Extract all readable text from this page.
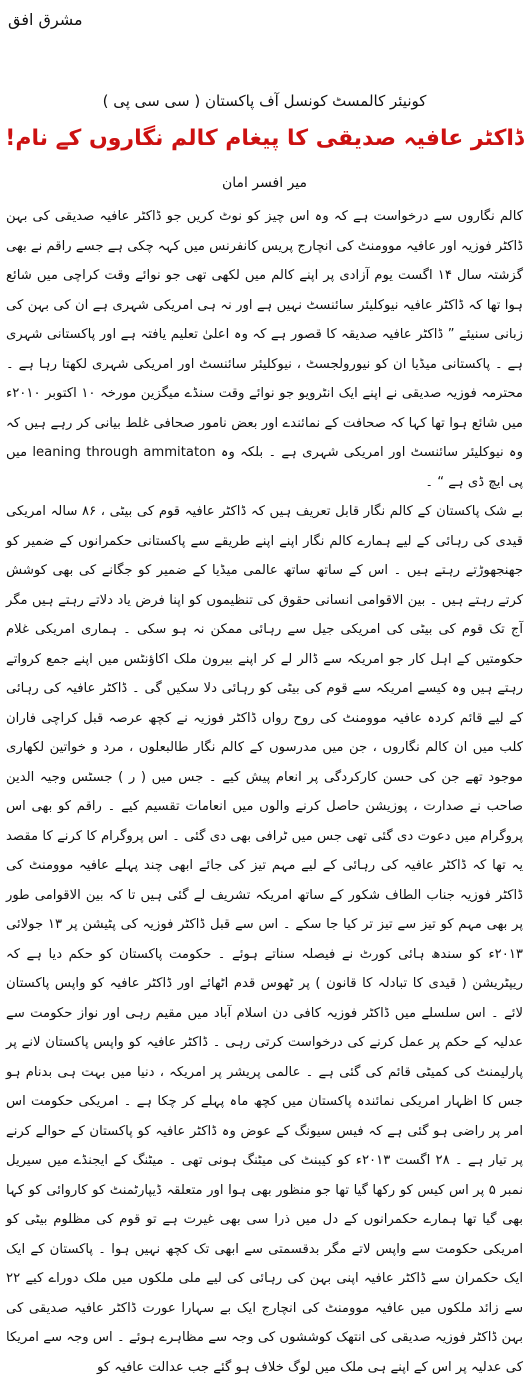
مشرق افق
کونیئر کالمسٹ کونسل آف پاکستان ( سی سی پی )
ڈاکٹر عافیہ صدیقی کا پیغام کالم نگاروں کے نام!
میر افسر امان

کالم نگاروں سے درخواست ہے کہ وہ اس چیز کو نوٹ کریں جو ڈاکٹر عافیہ صدیقی کی بہن ڈاکٹر فوزیہ اور عافیہ موومنٹ کی انچارج پریس کانفرنس میں کہہ چکی ہے جسے راقم نے بھی گزشتہ سال ۱۴ اگست یوم آزادی پر اپنے کالم میں لکھی تھی جو نوائے وقت کراچی میں شائع ہوا تھا کہ ڈاکٹر عافیہ نیوکلیئر سائنسٹ نہیں ہے اور نہ ہی امریکی شہری ہے ان کی بہن کی زبانی سنیئے ” ڈاکٹر عافیہ صدیقہ کا قصور ہے کہ وہ اعلیٰ تعلیم یافتہ ہے اور پاکستانی شہری ہے ۔ پاکستانی میڈیا ان کو نیورولجسٹ ، نیوکلیئر سائنسٹ اور امریکی شہری لکھتا رہا ہے ۔ محترمہ فوزیہ صدیقی نے اپنے ایک انٹرویو جو نوائے وقت سنڈے میگزین مورخہ ۱۰ اکتوبر ۲۰۱۰ء میں شائع ہوا تھا کہا کہ صحافت کے نمائندے اور بعض نامور صحافی غلط بیانی کر رہے ہیں کہ وہ نیوکلیئر سائنسٹ اور امریکی شہری ہے ۔ بلکہ وہ leaning through ammitaton میں پی ایچ ڈی ہے “ ۔

بے شک پاکستان کے کالم نگار قابل تعریف ہیں کہ ڈاکٹر عافیہ قوم کی بیٹی ، ۸۶ سالہ امریکی قیدی کی رہائی کے لیے ہمارے کالم نگار اپنے اپنے طریقے سے پاکستانی حکمرانوں کے ضمیر کو جھنجھوڑتے رہتے ہیں ۔ اس کے ساتھ ساتھ عالمی میڈیا کے ضمیر کو جگانے کی بھی کوشش کرتے رہتے ہیں ۔ بین الاقوامی انسانی حقوق کی تنظیموں کو اپنا فرض یاد دلاتے رہتے ہیں مگر آج تک قوم کی بیٹی کی امریکی جیل سے رہائی ممکن نہ ہو سکی ۔ ہماری امریکی غلام حکومتیں کے اہل کار جو امریکہ سے ڈالر لے کر اپنے بیرون ملک اکاؤنٹس میں اپنے جمع کرواتے رہتے ہیں وہ کیسے امریکہ سے قوم کی بیٹی کو رہائی دلا سکیں گی ۔ ڈاکٹر عافیہ کی رہائی کے لیے قائم کردہ عافیہ موومنٹ کی روح رواں ڈاکٹر فوزیہ نے کچھ عرصہ قبل کراچی فاران کلب میں ان کالم نگاروں ، جن میں مدرسوں کے کالم نگار طالبعلوں ، مرد و خواتین لکھاری موجود تھے جن کی حسن کارکردگی پر انعام پیش کیے ۔ جس میں ( ر ) جسٹس وجیہ الدین صاحب نے صدارت ، پوزیشن حاصل کرنے والوں میں انعامات تقسیم کیے ۔ راقم کو بھی اس پروگرام میں دعوت دی گئی تھی جس میں ٹرافی بھی دی گئی ۔ اس پروگرام کا کرنے کا مقصد یہ تھا کہ ڈاکٹر عافیہ کی رہائی کے لیے مہم تیز کی جائے ابھی چند پہلے عافیہ موومنٹ کی ڈاکٹر فوزیہ جناب الطاف شکور کے ساتھ امریکہ تشریف لے گئی ہیں تا کہ بین الاقوامی طور پر بھی مہم کو تیز سے تیز تر کیا جا سکے ۔ اس سے قبل ڈاکٹر فوزیہ کی پٹیشن پر ۱۳ جولائی ۲۰۱۳ء کو سندھ ہائی کورٹ نے فیصلہ سناتے ہوئے ۔ حکومت پاکستان کو حکم دیا ہے کہ ریپٹریشن ( قیدی کا تبادلہ کا قانون ) پر ٹھوس قدم اٹھائے اور ڈاکٹر عافیہ کو واپس پاکستان لائے ۔ اس سلسلے میں ڈاکٹر فوزیہ کافی دن اسلام آباد میں مقیم رہی اور نواز حکومت سے عدلیہ کے حکم پر عمل کرنے کی درخواست کرتی رہی ۔ ڈاکٹر عافیہ کو واپس پاکستان لانے پر پارلیمنٹ کی کمیٹی قائم کی گئی ہے ۔ عالمی پریشر پر امریکہ ، دنیا میں بہت ہی بدنام ہو جس کا اظہار امریکی نمائندہ پاکستان میں کچھ ماہ پہلے کر چکا ہے ۔ امریکی حکومت اس امر پر راضی ہو گئی ہے کہ فیس سیونگ کے عوض وہ ڈاکٹر عافیہ کو پاکستان کے حوالے کرنے پر تیار ہے ۔ ۲۸ اگست ۲۰۱۳ء کو کیبنٹ کی میٹنگ ہونی تھی ۔ میٹنگ کے ایجنڈے میں سیریل نمبر ۵ پر اس کیس کو رکھا گیا تھا جو منظور بھی ہوا اور متعلقہ ڈیپارٹمنٹ کو کاروائی کو کہا بھی گیا تھا ہمارے حکمرانوں کے دل میں ذرا سی بھی غیرت ہے تو قوم کی مظلوم بیٹی کو امریکی حکومت سے واپس لاتے مگر بدقسمتی سے ابھی تک کچھ نہیں ہوا ۔ پاکستان کے ایک ایک حکمران سے ڈاکٹر عافیہ اپنی بہن کی رہائی کی لیے ملی ملکوں میں ملک دوراے کیے ۲۲ سے زائد ملکوں میں عافیہ موومنٹ کی انچارج ایک بے سہارا عورت ڈاکٹر عافیہ صدیقی کی بہن ڈاکٹر فوزیہ صدیقی کی انتھک کوششوں کی وجہ سے مظاہرے ہوئے ۔ اس وجہ سے امریکا کی عدلیہ پر اس کے اپنے ہی ملک میں لوگ خلاف ہو گئے جب عدالت عافیہ کو
